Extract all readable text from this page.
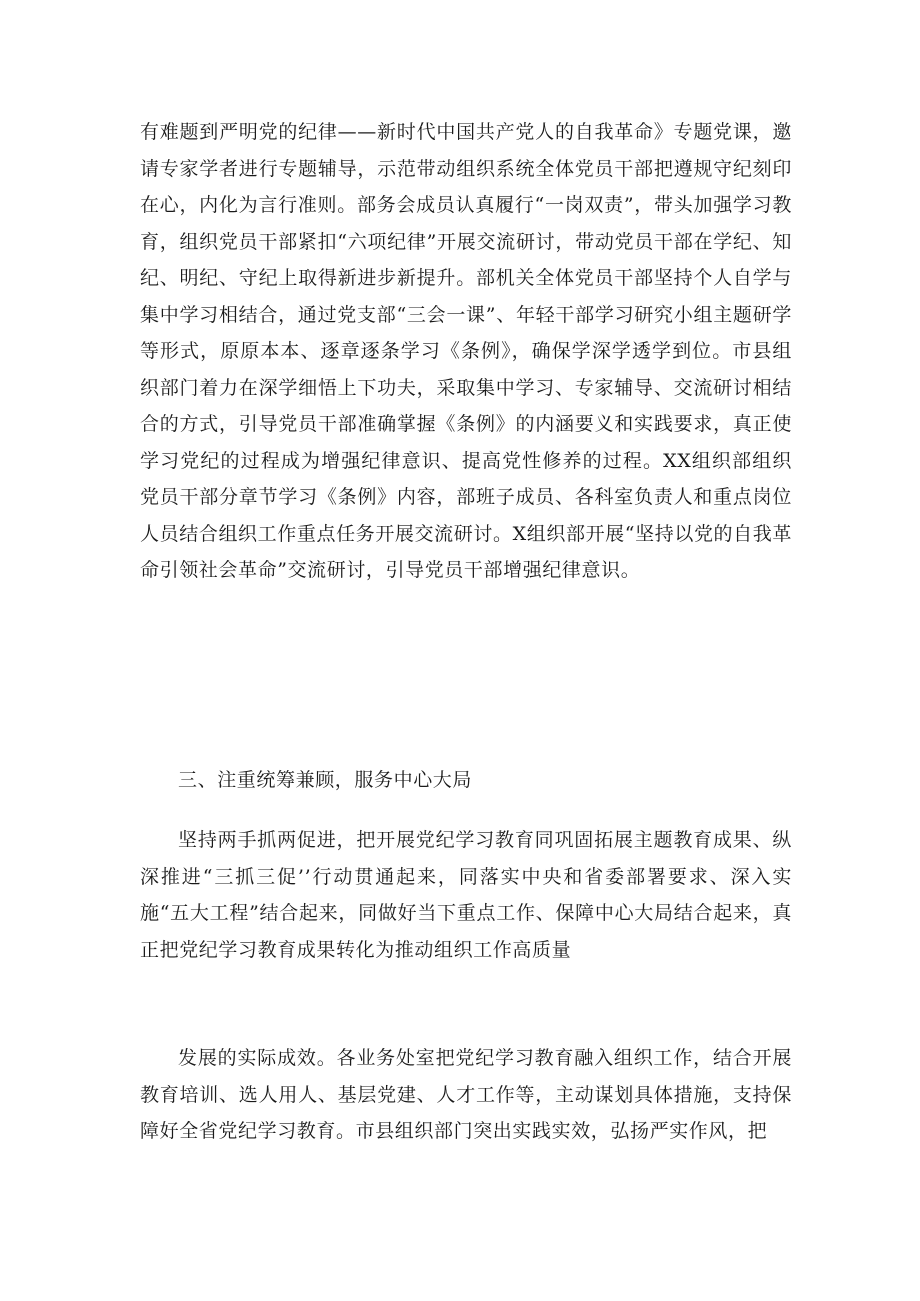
有难题到严明党的纪律——新时代中国共产党人的自我革命》专题党课，邀请专家学者进行专题辅导，示范带动组织系统全体党员干部把遵规守纪刻印在心，内化为言行准则。部务会成员认真履行“一岗双责”，带头加强学习教育，组织党员干部紧扣“六项纪律”开展交流研讨，带动党员干部在学纪、知纪、明纪、守纪上取得新进步新提升。部机关全体党员干部坚持个人自学与集中学习相结合，通过党支部“三会一课”、年轻干部学习研究小组主题研学等形式，原原本本、逐章逐条学习《条例》，确保学深学透学到位。市县组织部门着力在深学细悟上下功夫，采取集中学习、专家辅导、交流研讨相结合的方式，引导党员干部准确掌握《条例》的内涵要义和实践要求，真正使学习党纪的过程成为增强纪律意识、提高党性修养的过程。XX组织部组织党员干部分章节学习《条例》内容，部班子成员、各科室负责人和重点岗位人员结合组织工作重点任务开展交流研讨。X组织部开展“坚持以党的自我革命引领社会革命”交流研讨，引导党员干部增强纪律意识。

三、注重统筹兼顾，服务中心大局

坚持两手抓两促进，把开展党纪学习教育同巩固拓展主题教育成果、纵深推进“三抓三促’’行动贯通起来，同落实中央和省委部署要求、深入实施“五大工程”结合起来，同做好当下重点工作、保障中心大局结合起来，真正把党纪学习教育成果转化为推动组织工作高质量

发展的实际成效。各业务处室把党纪学习教育融入组织工作，结合开展教育培训、选人用人、基层党建、人才工作等，主动谋划具体措施，支持保障好全省党纪学习教育。市县组织部门突出实践实效，弘扬严实作风，把
